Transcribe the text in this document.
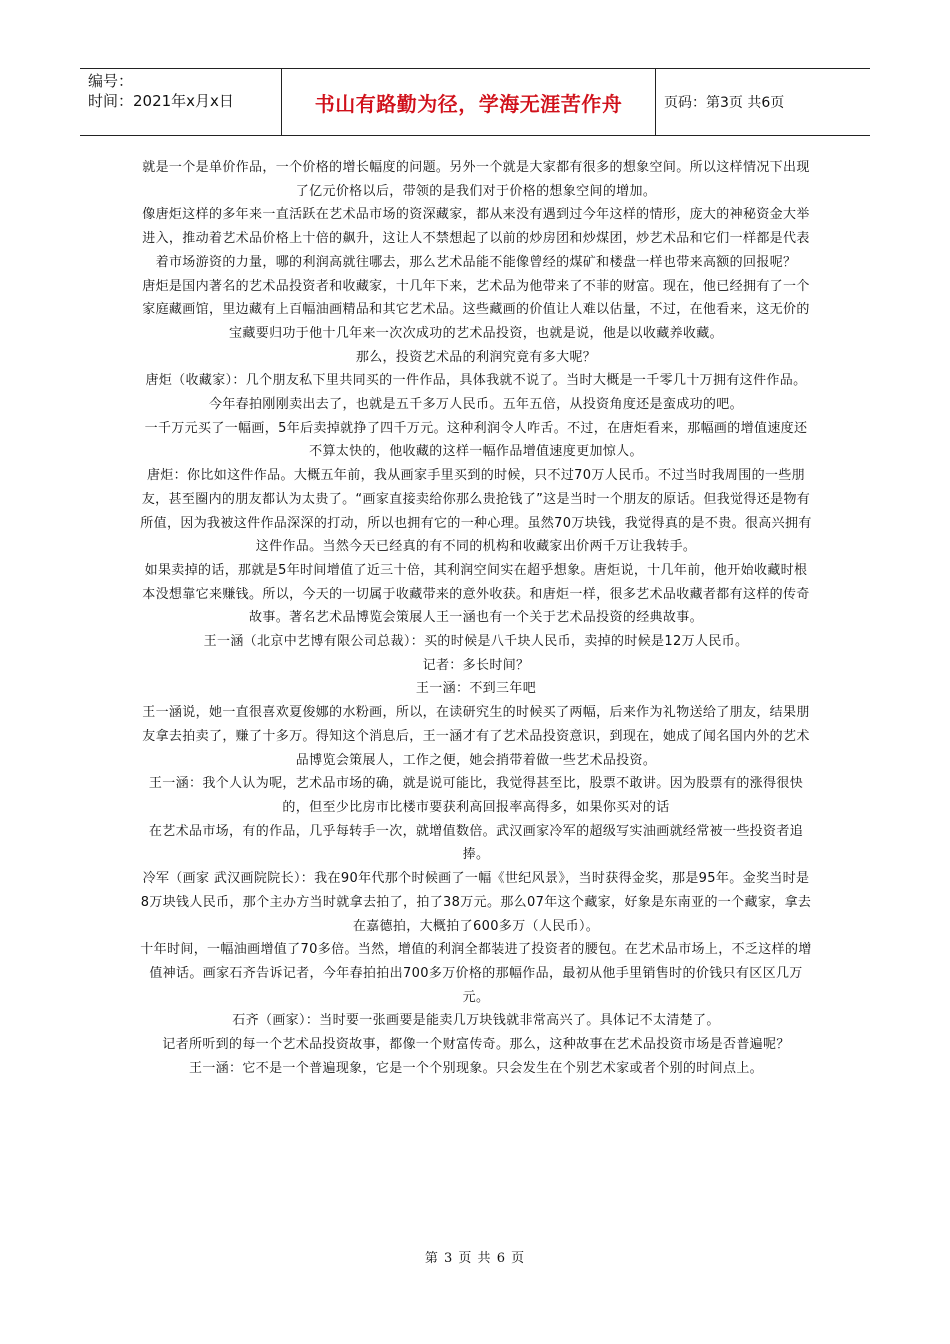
编号：
时间：2021年x月x日	书山有路勤为径，学海无涯苦作舟	页码：第3页 共6页

就是一个是单价作品，一个价格的增长幅度的问题。另外一个就是大家都有很多的想象空间。所以这样情况下出现了亿元价格以后，带领的是我们对于价格的想象空间的增加。

像唐炬这样的多年来一直活跃在艺术品市场的资深藏家，都从来没有遇到过今年这样的情形，庞大的神秘资金大举进入，推动着艺术品价格上十倍的飙升，这让人不禁想起了以前的炒房团和炒煤团，炒艺术品和它们一样都是代表着市场游资的力量，哪的利润高就往哪去，那么艺术品能不能像曾经的煤矿和楼盘一样也带来高额的回报呢？

唐炬是国内著名的艺术品投资者和收藏家，十几年下来，艺术品为他带来了不菲的财富。现在，他已经拥有了一个家庭藏画馆，里边藏有上百幅油画精品和其它艺术品。这些藏画的价值让人难以估量，不过，在他看来，这无价的宝藏要归功于他十几年来一次次成功的艺术品投资，也就是说，他是以收藏养收藏。

那么，投资艺术品的利润究竟有多大呢？

唐炬（收藏家）：几个朋友私下里共同买的一件作品，具体我就不说了。当时大概是一千零几十万拥有这件作品。今年春拍刚刚卖出去了，也就是五千多万人民币。五年五倍，从投资角度还是蛮成功的吧。

一千万元买了一幅画，5年后卖掉就挣了四千万元。这种利润令人咋舌。不过，在唐炬看来，那幅画的增值速度还不算太快的，他收藏的这样一幅作品增值速度更加惊人。

唐炬：你比如这件作品。大概五年前，我从画家手里买到的时候，只不过70万人民币。不过当时我周围的一些朋友，甚至圈内的朋友都认为太贵了。“画家直接卖给你那么贵抢钱了”这是当时一个朋友的原话。但我觉得还是物有所值，因为我被这件作品深深的打动，所以也拥有它的一种心理。虽然70万块钱，我觉得真的是不贵。很高兴拥有这件作品。当然今天已经真的有不同的机构和收藏家出价两千万让我转手。

如果卖掉的话，那就是5年时间增值了近三十倍，其利润空间实在超乎想象。唐炬说，十几年前，他开始收藏时根本没想靠它来赚钱。所以，今天的一切属于收藏带来的意外收获。和唐炬一样，很多艺术品收藏者都有这样的传奇故事。著名艺术品博览会策展人王一涵也有一个关于艺术品投资的经典故事。

王一涵（北京中艺博有限公司总裁）：买的时候是八千块人民币，卖掉的时候是12万人民币。

记者：多长时间？

王一涵：不到三年吧

王一涵说，她一直很喜欢夏俊娜的水粉画，所以，在读研究生的时候买了两幅，后来作为礼物送给了朋友，结果朋友拿去拍卖了，赚了十多万。得知这个消息后，王一涵才有了艺术品投资意识，到现在，她成了闻名国内外的艺术品博览会策展人，工作之便，她会捎带着做一些艺术品投资。

王一涵：我个人认为呢，艺术品市场的确，就是说可能比，我觉得甚至比，股票不敢讲。因为股票有的涨得很快的，但至少比房市比楼市要获利高回报率高得多，如果你买对的话

在艺术品市场，有的作品，几乎每转手一次，就增值数倍。武汉画家冷军的超级写实油画就经常被一些投资者追捧。

冷军（画家 武汉画院院长）：我在90年代那个时候画了一幅《世纪风景》，当时获得金奖，那是95年。金奖当时是8万块钱人民币，那个主办方当时就拿去拍了，拍了38万元。那么07年这个藏家，好象是东南亚的一个藏家，拿去在嘉德拍，大概拍了600多万（人民币）。

十年时间，一幅油画增值了70多倍。当然，增值的利润全都装进了投资者的腰包。在艺术品市场上，不乏这样的增值神话。画家石齐告诉记者，今年春拍拍出700多万价格的那幅作品，最初从他手里销售时的价钱只有区区几万元。

石齐（画家）：当时要一张画要是能卖几万块钱就非常高兴了。具体记不太清楚了。

记者所听到的每一个艺术品投资故事，都像一个财富传奇。那么，这种故事在艺术品投资市场是否普遍呢？

王一涵：它不是一个普遍现象，它是一个个别现象。只会发生在个别艺术家或者个别的时间点上。

第 3 页 共 6 页
